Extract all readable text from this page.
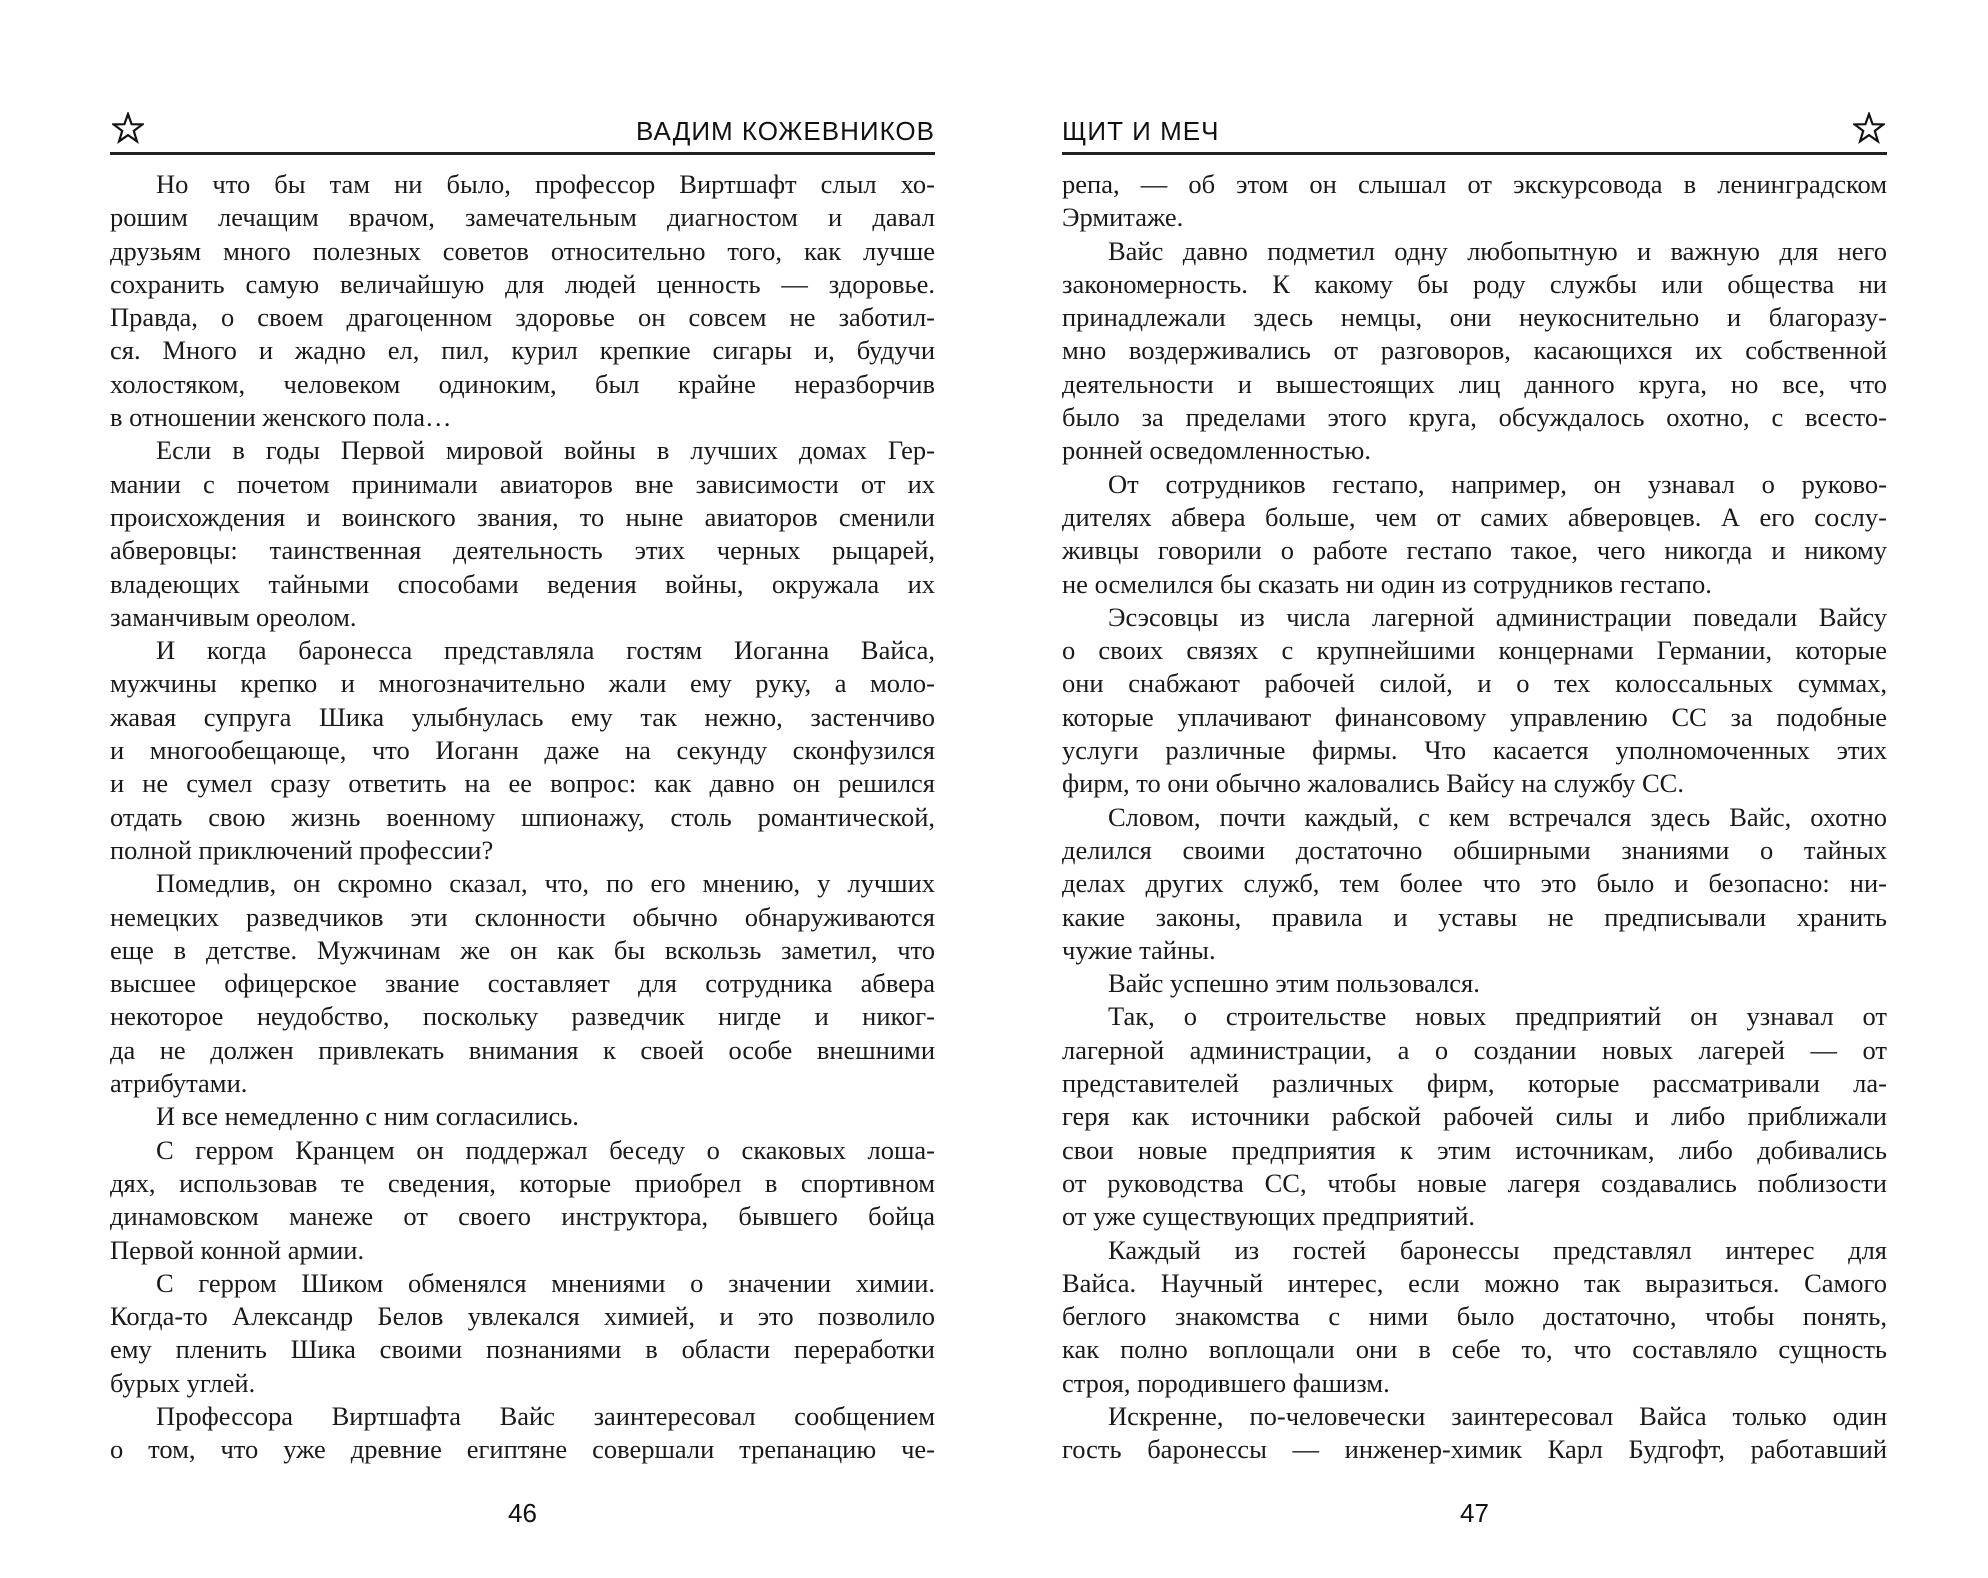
ВАДИМ КОЖЕВНИКОВ
Но что бы там ни было, профессор Виртшафт слыл хо-
рошим лечащим врачом, замечательным диагностом и давал
друзьям много полезных советов относительно того, как лучше
сохранить самую величайшую для людей ценность — здоровье.
Правда, о своем драгоценном здоровье он совсем не заботил-
ся. Много и жадно ел, пил, курил крепкие сигары и, будучи
холостяком, человеком одиноким, был крайне неразборчив
в отношении женского пола…
Если в годы Первой мировой войны в лучших домах Гер-
мании с почетом принимали авиаторов вне зависимости от их
происхождения и воинского звания, то ныне авиаторов сменили
абверовцы: таинственная деятельность этих черных рыцарей,
владеющих тайными способами ведения войны, окружала их
заманчивым ореолом.
И когда баронесса представляла гостям Иоганна Вайса,
мужчины крепко и многозначительно жали ему руку, а моло-
жавая супруга Шика улыбнулась ему так нежно, застенчиво
и многообещающе, что Иоганн даже на секунду сконфузился
и не сумел сразу ответить на ее вопрос: как давно он решился
отдать свою жизнь военному шпионажу, столь романтической,
полной приключений профессии?
Помедлив, он скромно сказал, что, по его мнению, у лучших
немецких разведчиков эти склонности обычно обнаруживаются
еще в детстве. Мужчинам же он как бы вскользь заметил, что
высшее офицерское звание составляет для сотрудника абвера
некоторое неудобство, поскольку разведчик нигде и никог-
да не должен привлекать внимания к своей особе внешними
атрибутами.
И все немедленно с ним согласились.
С герром Кранцем он поддержал беседу о скаковых лоша-
дях, использовав те сведения, которые приобрел в спортивном
динамовском манеже от своего инструктора, бывшего бойца
Первой конной армии.
С герром Шиком обменялся мнениями о значении химии.
Когда-то Александр Белов увлекался химией, и это позволило
ему пленить Шика своими познаниями в области переработки
бурых углей.
Профессора Виртшафта Вайс заинтересовал сообщением
о том, что уже древние египтяне совершали трепанацию че-
46
ЩИТ И МЕЧ
репа, — об этом он слышал от экскурсовода в ленинградском
Эрмитаже.
Вайс давно подметил одну любопытную и важную для него
закономерность. К какому бы роду службы или общества ни
принадлежали здесь немцы, они неукоснительно и благоразу-
мно воздерживались от разговоров, касающихся их собственной
деятельности и вышестоящих лиц данного круга, но все, что
было за пределами этого круга, обсуждалось охотно, с всесто-
ронней осведомленностью.
От сотрудников гестапо, например, он узнавал о руково-
дителях абвера больше, чем от самих абверовцев. А его сослу-
живцы говорили о работе гестапо такое, чего никогда и никому
не осмелился бы сказать ни один из сотрудников гестапо.
Эсэсовцы из числа лагерной администрации поведали Вайсу
о своих связях с крупнейшими концернами Германии, которые
они снабжают рабочей силой, и о тех колоссальных суммах,
которые уплачивают финансовому управлению СС за подобные
услуги различные фирмы. Что касается уполномоченных этих
фирм, то они обычно жаловались Вайсу на службу СС.
Словом, почти каждый, с кем встречался здесь Вайс, охотно
делился своими достаточно обширными знаниями о тайных
делах других служб, тем более что это было и безопасно: ни-
какие законы, правила и уставы не предписывали хранить
чужие тайны.
Вайс успешно этим пользовался.
Так, о строительстве новых предприятий он узнавал от
лагерной администрации, а о создании новых лагерей — от
представителей различных фирм, которые рассматривали ла-
геря как источники рабской рабочей силы и либо приближали
свои новые предприятия к этим источникам, либо добивались
от руководства СС, чтобы новые лагеря создавались поблизости
от уже существующих предприятий.
Каждый из гостей баронессы представлял интерес для
Вайса. Научный интерес, если можно так выразиться. Самого
беглого знакомства с ними было достаточно, чтобы понять,
как полно воплощали они в себе то, что составляло сущность
строя, породившего фашизм.
Искренне, по-человечески заинтересовал Вайса только один
гость баронессы — инженер-химик Карл Будгофт, работавший
47
